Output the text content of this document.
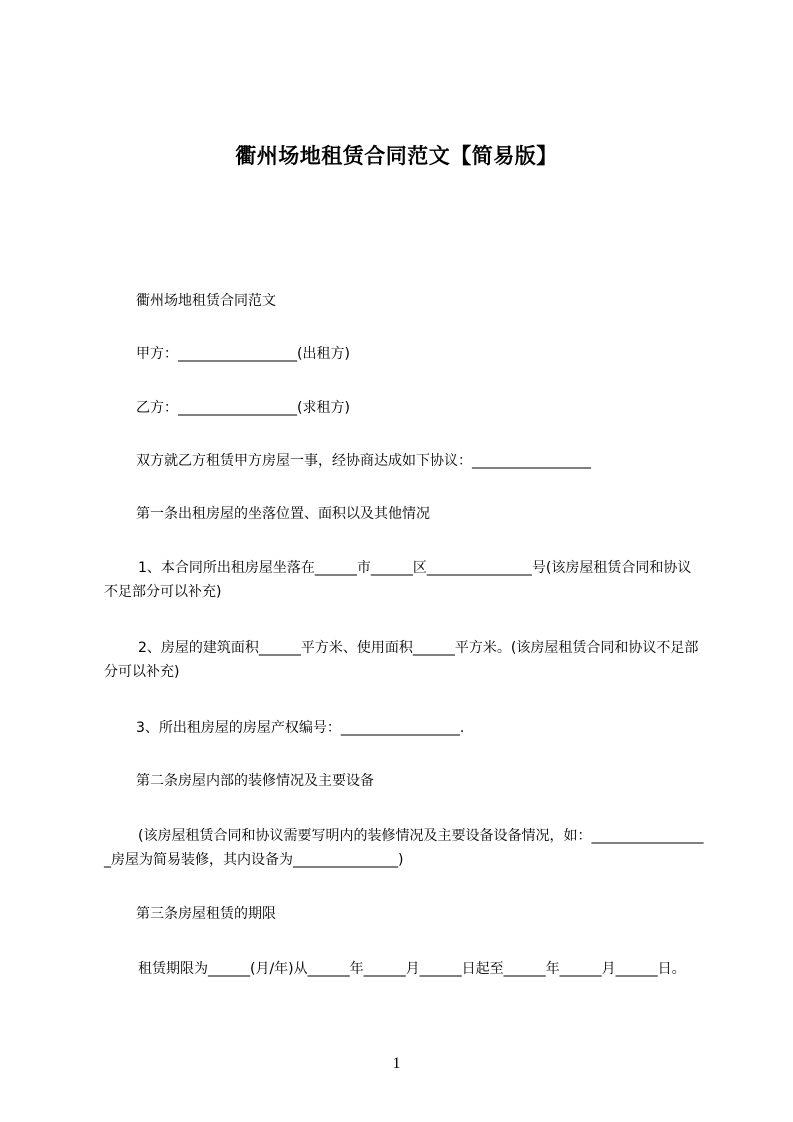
衢州场地租赁合同范文【简易版】
衢州场地租赁合同范文
甲方：_________________(出租方)
乙方：_________________(求租方)
双方就乙方租赁甲方房屋一事，经协商达成如下协议：_________________
第一条出租房屋的坐落位置、面积以及其他情况
1、本合同所出租房屋坐落在______市______区_______________号(该房屋租赁合同和协议不足部分可以补充)
2、房屋的建筑面积______平方米、使用面积______平方米。(该房屋租赁合同和协议不足部分可以补充)
3、所出租房屋的房屋产权编号：_________________.
第二条房屋内部的装修情况及主要设备
(该房屋租赁合同和协议需要写明内的装修情况及主要设备设备情况，如：_________________房屋为简易装修，其内设备为_______________)
第三条房屋租赁的期限
租赁期限为______(月/年)从______年______月______日起至______年______月______日。
1
